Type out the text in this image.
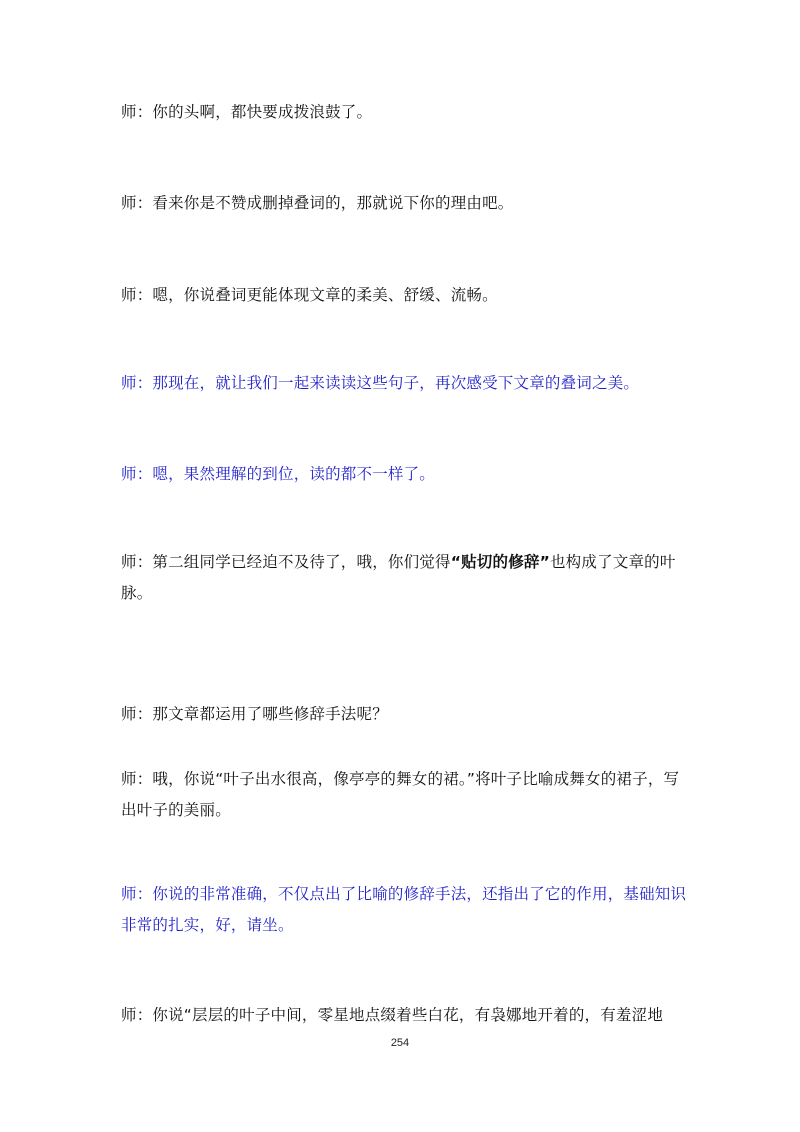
师：你的头啊，都快要成拨浪鼓了。

师：看来你是不赞成删掉叠词的，那就说下你的理由吧。

师：嗯，你说叠词更能体现文章的柔美、舒缓、流畅。

师：那现在，就让我们一起来读读这些句子，再次感受下文章的叠词之美。

师：嗯，果然理解的到位，读的都不一样了。

师：第二组同学已经迫不及待了，哦，你们觉得“贴切的修辞”也构成了文章的叶脉。

师：那文章都运用了哪些修辞手法呢？

师：哦，你说“叶子出水很高，像亭亭的舞女的裙。”将叶子比喻成舞女的裙子，写出叶子的美丽。

师：你说的非常准确，不仅点出了比喻的修辞手法，还指出了它的作用，基础知识非常的扎实，好，请坐。

师：你说“层层的叶子中间，零星地点缀着些白花，有袅娜地开着的，有羞涩地

254
